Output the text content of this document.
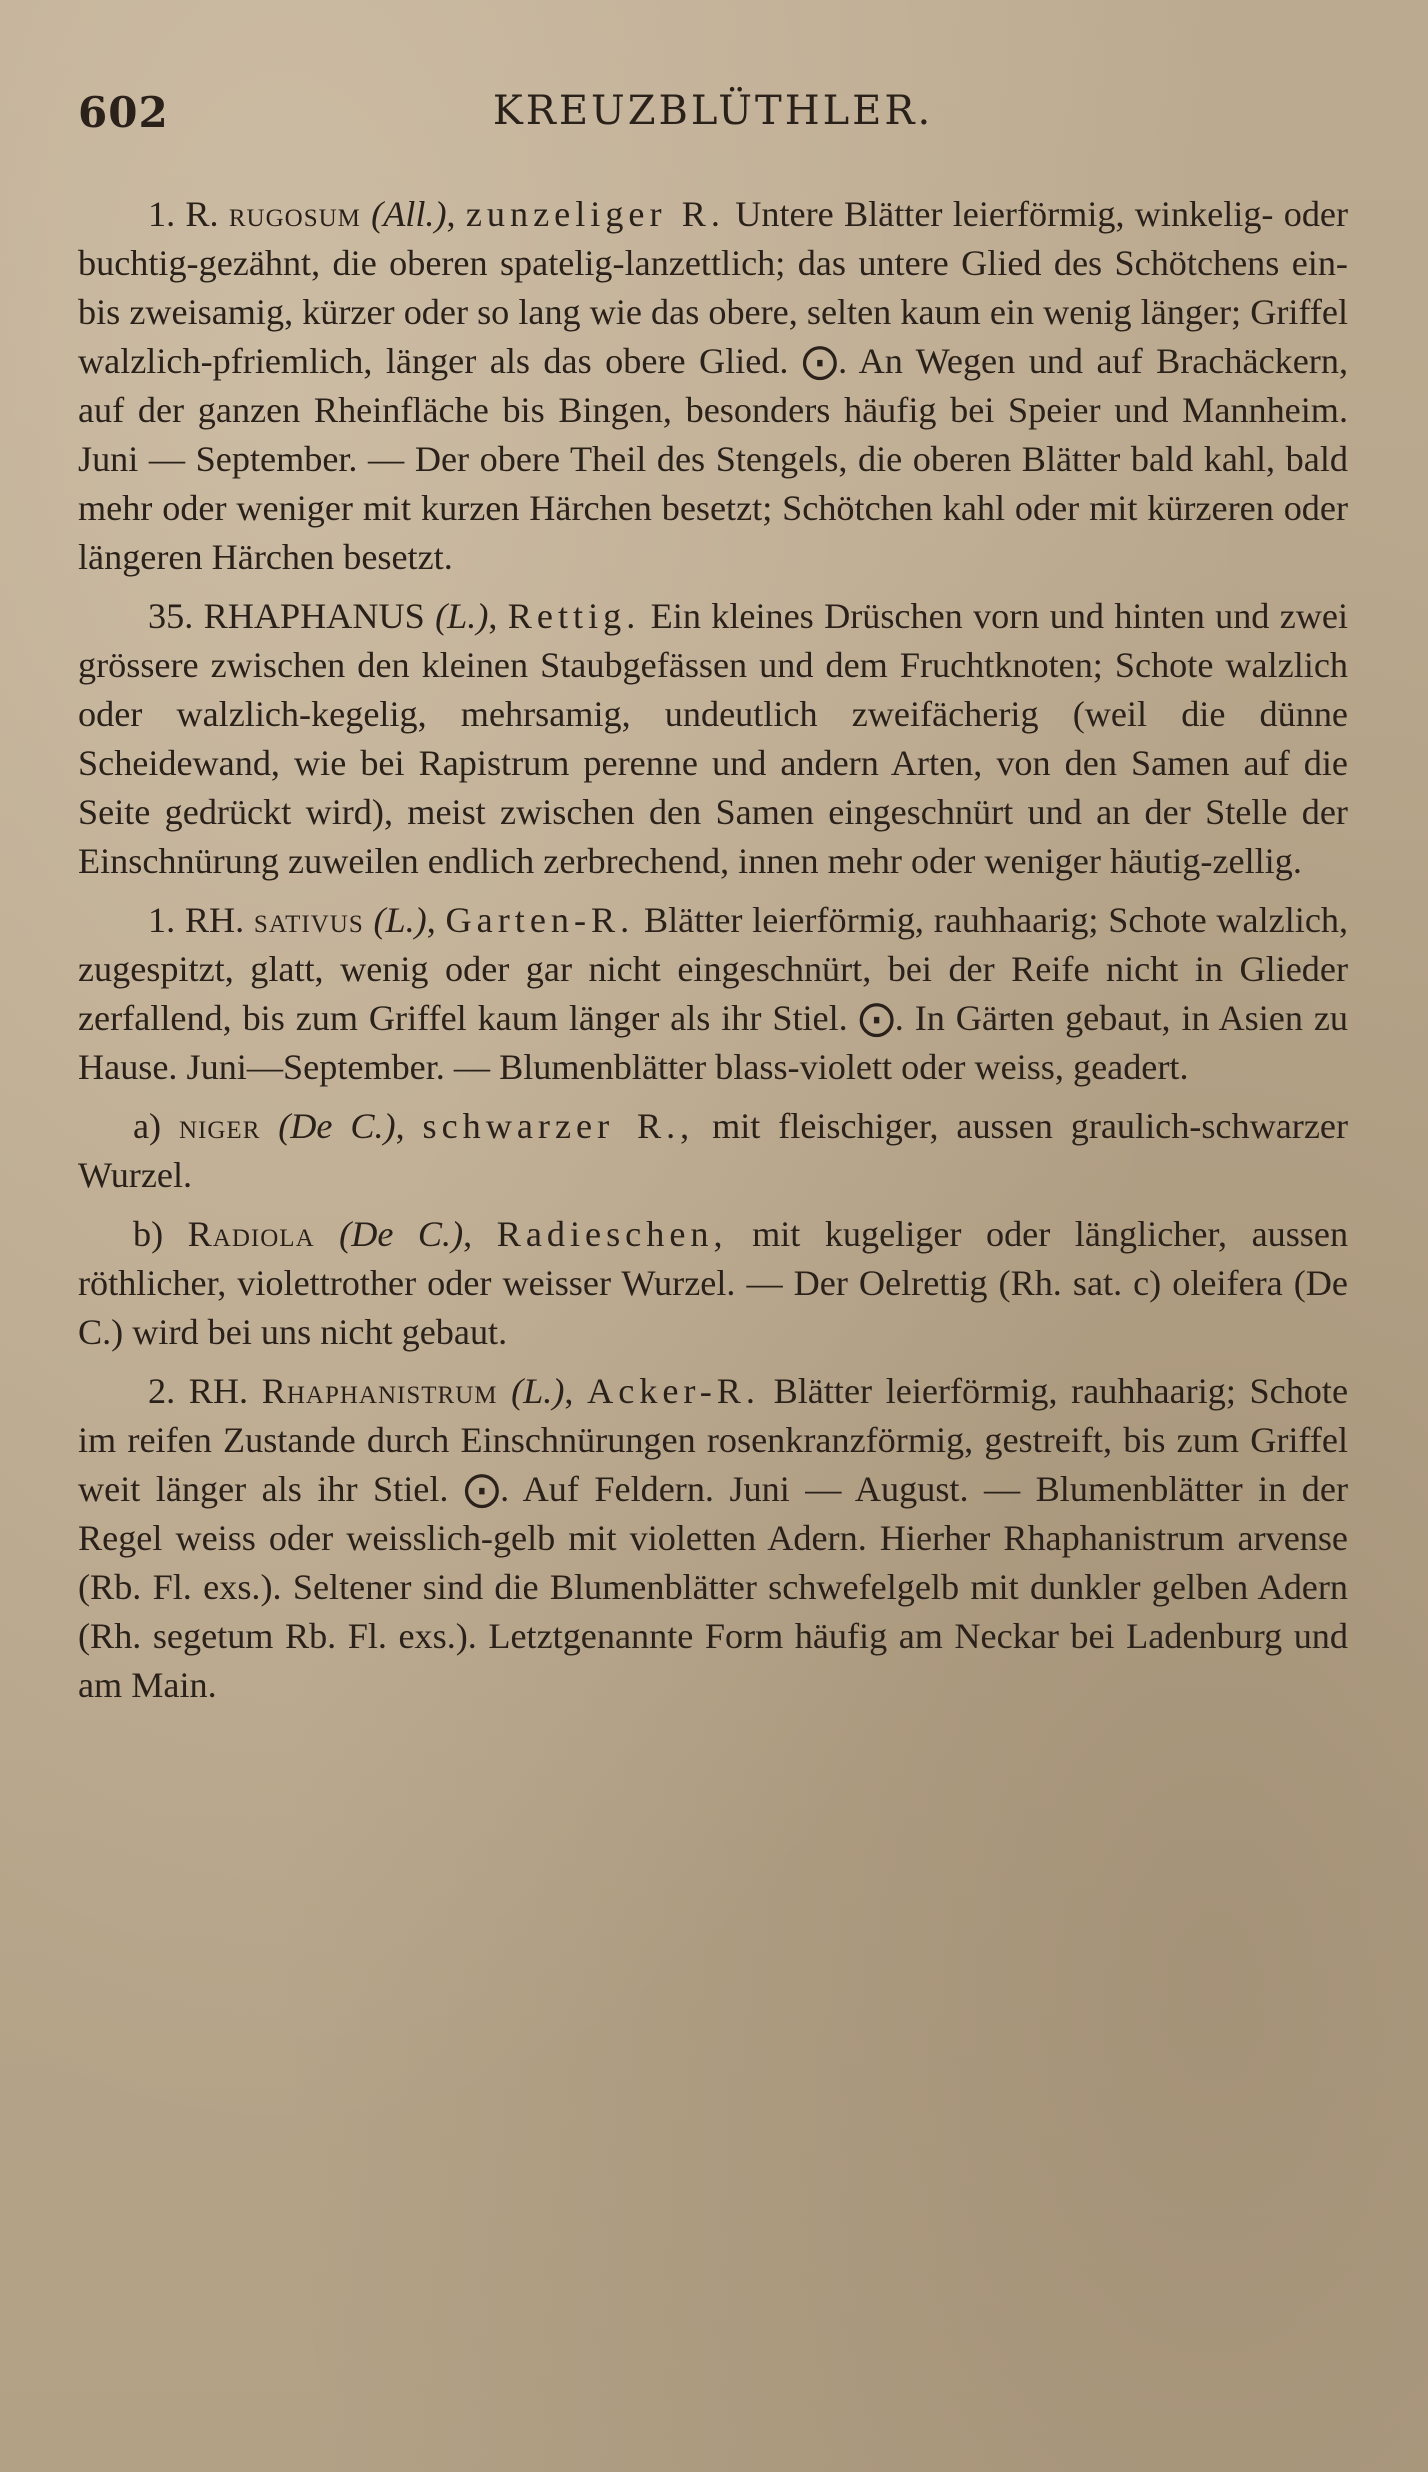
602	KREUZBLÜTHLER.

1. R. rugosum (All.), zunzeliger R. Untere Blätter leierförmig, winkelig- oder buchtig-gezähnt, die oberen spatelig-lanzettlich; das untere Glied des Schötchens ein- bis zweisamig, kürzer oder so lang wie das obere, selten kaum ein wenig länger; Griffel walzlich-pfriemlich, länger als das obere Glied. ⨀. An Wegen und auf Brachäckern, auf der ganzen Rheinfläche bis Bingen, besonders häufig bei Speier und Mannheim. Juni — September. — Der obere Theil des Stengels, die oberen Blätter bald kahl, bald mehr oder weniger mit kurzen Härchen besetzt; Schötchen kahl oder mit kürzeren oder längeren Härchen besetzt.

35. RHAPHANUS (L.), Rettig. Ein kleines Drüschen vorn und hinten und zwei grössere zwischen den kleinen Staubgefässen und dem Fruchtknoten; Schote walzlich oder walzlich-kegelig, mehrsamig, undeutlich zweifächerig (weil die dünne Scheidewand, wie bei Rapistrum perenne und andern Arten, von den Samen auf die Seite gedrückt wird), meist zwischen den Samen eingeschnürt und an der Stelle der Einschnürung zuweilen endlich zerbrechend, innen mehr oder weniger häutig-zellig.

1. RH. sativus (L.), Garten-R. Blätter leierförmig, rauhhaarig; Schote walzlich, zugespitzt, glatt, wenig oder gar nicht eingeschnürt, bei der Reife nicht in Glieder zerfallend, bis zum Griffel kaum länger als ihr Stiel. ⨀. In Gärten gebaut, in Asien zu Hause. Juni—September. — Blumenblätter blass-violett oder weiss, geadert.

a) niger (De C.), schwarzer R., mit fleischiger, aussen graulich-schwarzer Wurzel.

b) Radiola (De C.), Radieschen, mit kugeliger oder länglicher, aussen röthlicher, violettrother oder weisser Wurzel. — Der Oelrettig (Rh. sat. c) oleifera (De C.) wird bei uns nicht gebaut.

2. RH. Rhaphanistrum (L.), Acker-R. Blätter leierförmig, rauhhaarig; Schote im reifen Zustande durch Einschnürungen rosenkranzförmig, gestreift, bis zum Griffel weit länger als ihr Stiel. ⨀. Auf Feldern. Juni — August. — Blumenblätter in der Regel weiss oder weisslich-gelb mit violetten Adern. Hierher Rhaphanistrum arvense (Rb. Fl. exs.). Seltener sind die Blumenblätter schwefelgelb mit dunkler gelben Adern (Rh. segetum Rb. Fl. exs.). Letztgenannte Form häufig am Neckar bei Ladenburg und am Main.
